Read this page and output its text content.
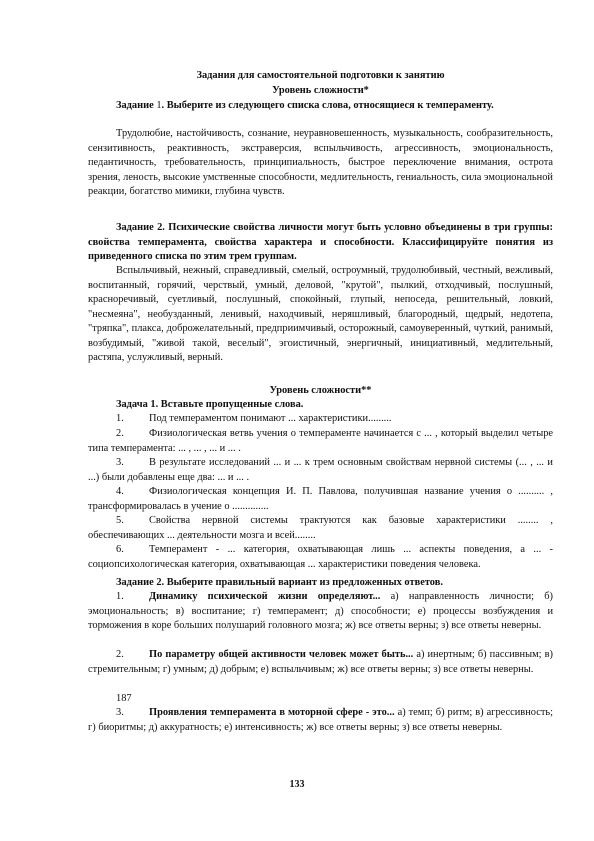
Задания для самостоятельной подготовки к занятию
Уровень сложности*
Задание 1. Выберите из следующего списка слова, относящиеся к темпераменту.
Трудолюбие, настойчивость, сознание, неуравновешенность, музыкальность, сообразительность, сензитивность, реактивность, экстраверсия, вспыльчивость, агрессивность, эмоциональность, педантичность, требовательность, принципиальность, быстрое переключение внимания, острота зрения, леность, высокие умственные способности, медлительность, гениальность, сила эмоциональной реакции, богатство мимики, глубина чувств.
Задание 2. Психические свойства личности могут быть условно объединены в три группы: свойства темперамента, свойства характера и способности. Классифицируйте понятия из приведенного списка по этим трем группам.
Вспыльчивый, нежный, справедливый, смелый, остроумный, трудолюбивый, честный, вежливый, воспитанный, горячий, черствый, умный, деловой, "крутой", пылкий, отходчивый, послушный, красноречивый, суетливый, послушный, спокойный, глупый, непоседа, решительный, ловкий, "несмеяна", необузданный, ленивый, находчивый, неряшливый, благородный, щедрый, недотепа, "тряпка", плакса, доброжелательный, предприимчивый, осторожный, самоуверенный, чуткий, ранимый, возбудимый, "живой такой, веселый", эгоистичный, энергичный, инициативный, медлительный, растяпа, услужливый, верный.
Уровень сложности**
Задача 1. Вставьте пропущенные слова.
1. Под темпераментом понимают ... характеристики.........
2. Физиологическая ветвь учения о темпераменте начинается с ... , который выделил четыре типа темперамента: ... , ... , ... и ... .
3. В результате исследований ... и ... к трем основным свойствам нервной системы (... , ... и ...) были добавлены еще два: ... и ... .
4. Физиологическая концепция И. П. Павлова, получившая название учения о .......... , трансформировалась в учение о ..............
5. Свойства нервной системы трактуются как базовые характеристики ........ , обеспечивающих ... деятельности мозга и всей........
6. Темперамент - ... категория, охватывающая лишь ... аспекты поведения, а ... - социопсихологическая категория, охватывающая ... характеристики поведения человека.
Задание 2. Выберите правильный вариант из предложенных ответов.
1. Динамику психической жизни определяют... а) направленность личности; б) эмоциональность; в) воспитание; г) темперамент; д) способности; е) процессы возбуждения и торможения в коре больших полушарий головного мозга; ж) все ответы верны; з) все ответы неверны.
2. По параметру общей активности человек может быть... а) инертным; б) пассивным; в) стремительным; г) умным; д) добрым; е) вспыльчивым; ж) все ответы верны; з) все ответы неверны.
187
3. Проявления темперамента в моторной сфере - это... а) темп; б) ритм; в) агрессивность; г) биоритмы; д) аккуратность; е) интенсивность; ж) все ответы верны; з) все ответы неверны.
133
